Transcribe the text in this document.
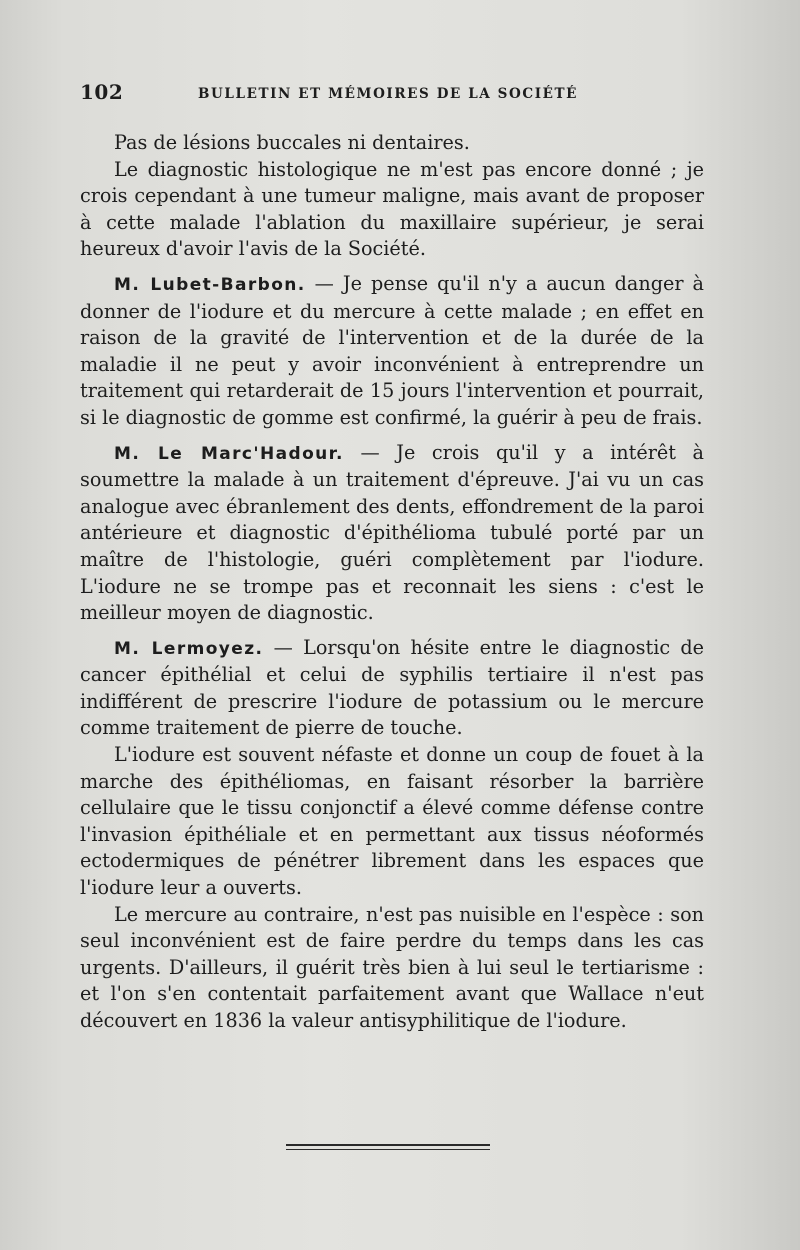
102	BULLETIN ET MÉMOIRES DE LA SOCIÉTÉ

Pas de lésions buccales ni dentaires.

Le diagnostic histologique ne m'est pas encore donné ; je crois cependant à une tumeur maligne, mais avant de proposer à cette malade l'ablation du maxillaire supérieur, je serai heureux d'avoir l'avis de la Société.

M. Lubet-Barbon. — Je pense qu'il n'y a aucun danger à donner de l'iodure et du mercure à cette malade ; en effet en raison de la gravité de l'intervention et de la durée de la maladie il ne peut y avoir inconvénient à entreprendre un traitement qui retarderait de 15 jours l'intervention et pourrait, si le diagnostic de gomme est confirmé, la guérir à peu de frais.

M. Le Marc'Hadour. — Je crois qu'il y a intérêt à soumettre la malade à un traitement d'épreuve. J'ai vu un cas analogue avec ébranlement des dents, effondrement de la paroi antérieure et diagnostic d'épithélioma tubulé porté par un maître de l'histologie, guéri complètement par l'iodure. L'iodure ne se trompe pas et reconnait les siens : c'est le meilleur moyen de diagnostic.

M. Lermoyez. — Lorsqu'on hésite entre le diagnostic de cancer épithélial et celui de syphilis tertiaire il n'est pas indifférent de prescrire l'iodure de potassium ou le mercure comme traitement de pierre de touche.

L'iodure est souvent néfaste et donne un coup de fouet à la marche des épithéliomas, en faisant résorber la barrière cellulaire que le tissu conjonctif a élevé comme défense contre l'invasion épithéliale et en permettant aux tissus néoformés ectodermiques de pénétrer librement dans les espaces que l'iodure leur a ouverts.

Le mercure au contraire, n'est pas nuisible en l'espèce : son seul inconvénient est de faire perdre du temps dans les cas urgents. D'ailleurs, il guérit très bien à lui seul le tertiarisme : et l'on s'en contentait parfaitement avant que Wallace n'eut découvert en 1836 la valeur antisyphilitique de l'iodure.
